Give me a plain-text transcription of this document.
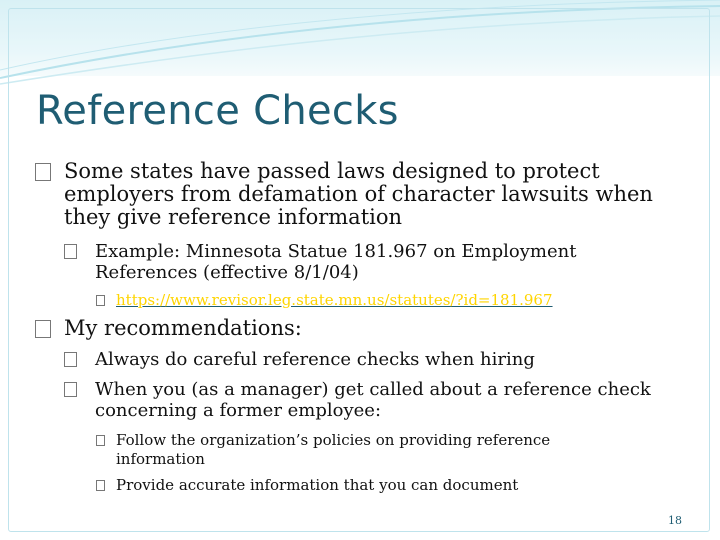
Reference Checks

Some states have passed laws designed to protect employers from defamation of character lawsuits when they give reference information

Example: Minnesota Statue 181.967 on Employment References (effective 8/1/04)

https://www.revisor.leg.state.mn.us/statutes/?id=181.967

My recommendations:

Always do careful reference checks when hiring

When you (as a manager) get called about a reference check concerning a former employee:

Follow the organization’s policies on providing reference information

Provide accurate information that you can document

18
